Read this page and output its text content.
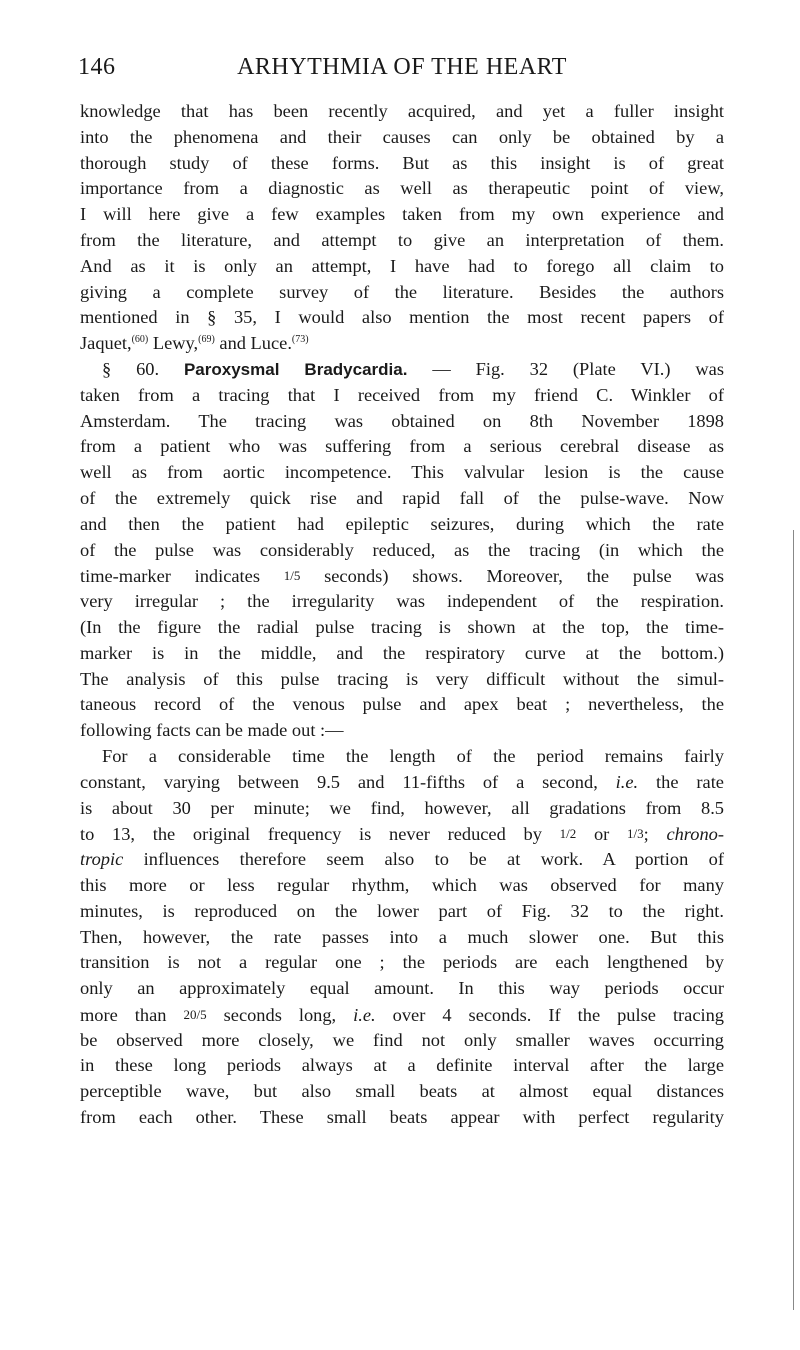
146	ARHYTHMIA OF THE HEART
knowledge that has been recently acquired, and yet a fuller insight
into the phenomena and their causes can only be obtained by a
thorough study of these forms. But as this insight is of great
importance from a diagnostic as well as therapeutic point of view,
I will here give a few examples taken from my own experience and
from the literature, and attempt to give an interpretation of them.
And as it is only an attempt, I have had to forego all claim to
giving a complete survey of the literature. Besides the authors
mentioned in § 35, I would also mention the most recent papers of
Jaquet,$^{(60)}$ Lewy,$^{(69)}$ and Luce.$^{(73)}$
§ 60. Paroxysmal Bradycardia. — Fig. 32 (Plate VI.) was
taken from a tracing that I received from my friend C. Winkler of
Amsterdam. The tracing was obtained on 8th November 1898
from a patient who was suffering from a serious cerebral disease as
well as from aortic incompetence. This valvular lesion is the cause
of the extremely quick rise and rapid fall of the pulse-wave. Now
and then the patient had epileptic seizures, during which the rate
of the pulse was considerably reduced, as the tracing (in which the
time-marker indicates 1/5 seconds) shows. Moreover, the pulse was
very irregular ; the irregularity was independent of the respiration.
(In the figure the radial pulse tracing is shown at the top, the time-
marker is in the middle, and the respiratory curve at the bottom.)
The analysis of this pulse tracing is very difficult without the simul-
taneous record of the venous pulse and apex beat ; nevertheless, the
following facts can be made out :—
For a considerable time the length of the period remains fairly
constant, varying between 9.5 and 11-fifths of a second, i.e. the rate
is about 30 per minute; we find, however, all gradations from 8.5
to 13, the original frequency is never reduced by 1/2 or 1/3; chrono-
tropic influences therefore seem also to be at work. A portion of
this more or less regular rhythm, which was observed for many
minutes, is reproduced on the lower part of Fig. 32 to the right.
Then, however, the rate passes into a much slower one. But this
transition is not a regular one ; the periods are each lengthened by
only an approximately equal amount. In this way periods occur
more than 20/5 seconds long, i.e. over 4 seconds. If the pulse tracing
be observed more closely, we find not only smaller waves occurring
in these long periods always at a definite interval after the large
perceptible wave, but also small beats at almost equal distances
from each other. These small beats appear with perfect regularity
